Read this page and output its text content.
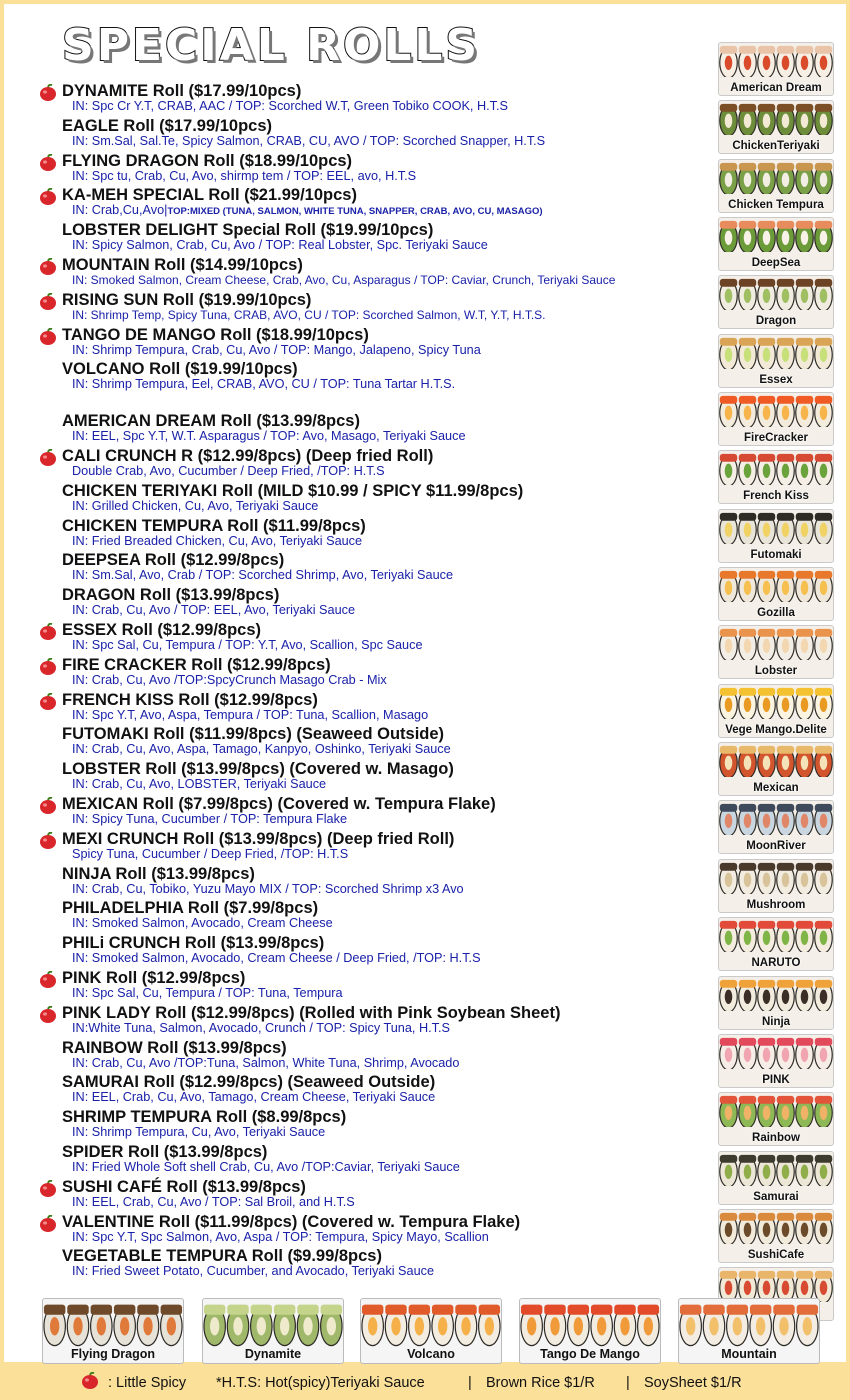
SPECIAL ROLLS
DYNAMITE Roll ($17.99/10pcs)
IN: Spc Cr Y.T, CRAB, AAC / TOP: Scorched W.T, Green Tobiko COOK, H.T.S
EAGLE Roll ($17.99/10pcs)
IN: Sm.Sal, Sal.Te, Spicy Salmon, CRAB, CU, AVO / TOP: Scorched Snapper, H.T.S
FLYING DRAGON Roll ($18.99/10pcs)
IN: Spc tu, Crab, Cu, Avo, shirmp tem / TOP: EEL, avo, H.T.S
KA-MEH SPECIAL Roll ($21.99/10pcs)
IN: Crab,Cu,Avo|TOP:MIXED (TUNA, SALMON, WHITE TUNA, SNAPPER, CRAB, AVO, CU, MASAGO)
LOBSTER DELIGHT Special Roll ($19.99/10pcs)
IN: Spicy Salmon, Crab, Cu, Avo / TOP: Real Lobster, Spc. Teriyaki Sauce
MOUNTAIN Roll ($14.99/10pcs)
IN: Smoked Salmon, Cream Cheese, Crab, Avo, Cu, Asparagus / TOP: Caviar, Crunch, Teriyaki Sauce
RISING SUN Roll ($19.99/10pcs)
IN: Shrimp Temp, Spicy Tuna, CRAB, AVO, CU / TOP: Scorched Salmon, W.T, Y.T, H.T.S.
TANGO DE MANGO Roll ($18.99/10pcs)
IN: Shrimp Tempura, Crab, Cu, Avo / TOP: Mango, Jalapeno, Spicy Tuna
VOLCANO Roll ($19.99/10pcs)
IN: Shrimp Tempura, Eel, CRAB, AVO, CU / TOP: Tuna Tartar H.T.S.
AMERICAN DREAM Roll ($13.99/8pcs)
IN: EEL, Spc Y.T, W.T. Asparagus / TOP: Avo, Masago, Teriyaki Sauce
CALI CRUNCH R ($12.99/8pcs) (Deep fried Roll)
Double Crab, Avo, Cucumber / Deep Fried, /TOP: H.T.S
CHICKEN TERIYAKI Roll (MILD $10.99 / SPICY $11.99/8pcs)
IN: Grilled Chicken, Cu, Avo, Teriyaki Sauce
CHICKEN TEMPURA Roll ($11.99/8pcs)
IN: Fried Breaded Chicken, Cu, Avo, Teriyaki Sauce
DEEPSEA Roll ($12.99/8pcs)
IN: Sm.Sal, Avo, Crab / TOP: Scorched Shrimp, Avo, Teriyaki Sauce
DRAGON Roll ($13.99/8pcs)
IN: Crab, Cu, Avo / TOP: EEL, Avo, Teriyaki Sauce
ESSEX Roll ($12.99/8pcs)
IN: Spc Sal, Cu, Tempura / TOP: Y.T, Avo, Scallion, Spc Sauce
FIRE CRACKER Roll ($12.99/8pcs)
IN: Crab, Cu, Avo /TOP:SpcyCrunch Masago Crab - Mix
FRENCH KISS Roll ($12.99/8pcs)
IN: Spc Y.T, Avo, Aspa, Tempura / TOP: Tuna, Scallion, Masago
FUTOMAKI Roll ($11.99/8pcs) (Seaweed Outside)
IN: Crab, Cu, Avo, Aspa, Tamago, Kanpyo, Oshinko, Teriyaki Sauce
LOBSTER Roll ($13.99/8pcs) (Covered w. Masago)
IN: Crab, Cu, Avo, LOBSTER, Teriyaki Sauce
MEXICAN Roll ($7.99/8pcs) (Covered w. Tempura Flake)
IN: Spicy Tuna, Cucumber / TOP: Tempura Flake
MEXI CRUNCH Roll ($13.99/8pcs) (Deep fried Roll)
Spicy Tuna, Cucumber / Deep Fried, /TOP: H.T.S
NINJA Roll ($13.99/8pcs)
IN: Crab, Cu, Tobiko, Yuzu Mayo MIX / TOP: Scorched Shrimp x3 Avo
PHILADELPHIA Roll ($7.99/8pcs)
IN: Smoked Salmon, Avocado, Cream Cheese
PHILi CRUNCH Roll ($13.99/8pcs)
IN: Smoked Salmon, Avocado, Cream Cheese / Deep Fried, /TOP: H.T.S
PINK Roll ($12.99/8pcs)
IN: Spc Sal, Cu, Tempura / TOP: Tuna, Tempura
PINK LADY Roll ($12.99/8pcs) (Rolled with Pink Soybean Sheet)
IN:White Tuna, Salmon, Avocado, Crunch / TOP: Spicy Tuna, H.T.S
RAINBOW Roll ($13.99/8pcs)
IN: Crab, Cu, Avo /TOP:Tuna, Salmon, White Tuna, Shrimp, Avocado
SAMURAI Roll ($12.99/8pcs) (Seaweed Outside)
IN: EEL, Crab, Cu, Avo, Tamago, Cream Cheese, Teriyaki Sauce
SHRIMP TEMPURA Roll ($8.99/8pcs)
IN: Shrimp Tempura, Cu, Avo, Teriyaki Sauce
SPIDER Roll ($13.99/8pcs)
IN: Fried Whole Soft shell Crab, Cu, Avo /TOP:Caviar, Teriyaki Sauce
SUSHI CAFÉ Roll ($13.99/8pcs)
IN: EEL, Crab, Cu, Avo / TOP: Sal Broil, and H.T.S
VALENTINE Roll ($11.99/8pcs) (Covered w. Tempura Flake)
IN: Spc Y.T, Spc Salmon, Avo, Aspa / TOP: Tempura, Spicy Mayo, Scallion
VEGETABLE TEMPURA Roll ($9.99/8pcs)
IN: Fried Sweet Potato, Cucumber, and Avocado, Teriyaki Sauce
American Dream
ChickenTeriyaki
Chicken Tempura
DeepSea
Dragon
Essex
FireCracker
French Kiss
Futomaki
Gozilla
Lobster
Vege Mango.Delite
Mexican
MoonRiver
Mushroom
NARUTO
Ninja
PINK
Rainbow
Samurai
SushiCafe
Flying Dragon	Dynamite	Volcano	Tango De Mango	Mountain
: Little Spicy *H.T.S: Hot(spicy)Teriyaki Sauce	| Brown Rice $1/R | SoySheet $1/R
